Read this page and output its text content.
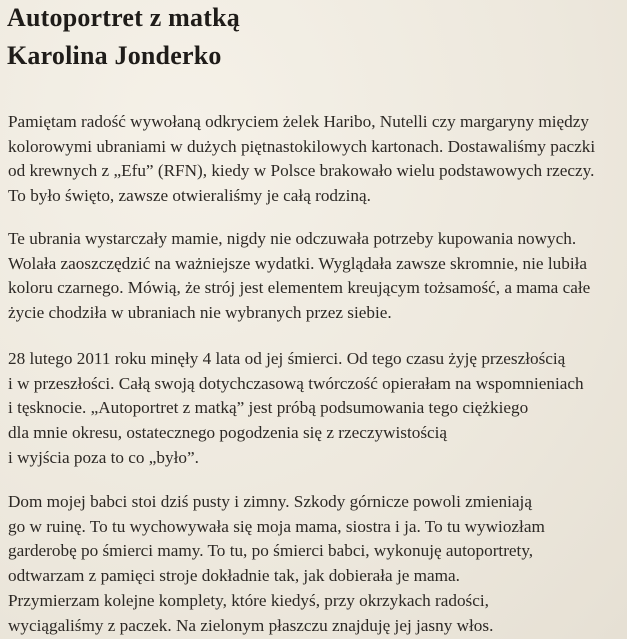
Autoportret z matką
Karolina Jonderko

Pamiętam radość wywołaną odkryciem żelek Haribo, Nutelli czy margaryny między
kolorowymi ubraniami w dużych piętnastokilowych kartonach. Dostawaliśmy paczki
od krewnych z „Efu” (RFN), kiedy w Polsce brakowało wielu podstawowych rzeczy.
To było święto, zawsze otwieraliśmy je całą rodziną.

Te ubrania wystarczały mamie, nigdy nie odczuwała potrzeby kupowania nowych.
Wolała zaoszczędzić na ważniejsze wydatki. Wyglądała zawsze skromnie, nie lubiła
koloru czarnego. Mówią, że strój jest elementem kreującym tożsamość, a mama całe
życie chodziła w ubraniach nie wybranych przez siebie.

28 lutego 2011 roku minęły 4 lata od jej śmierci. Od tego czasu żyję przeszłością
i w przeszłości. Całą swoją dotychczasową twórczość opierałam na wspomnieniach
i tęsknocie. „Autoportret z matką” jest próbą podsumowania tego ciężkiego
dla mnie okresu, ostatecznego pogodzenia się z rzeczywistością
i wyjścia poza to co „było”.

Dom mojej babci stoi dziś pusty i zimny. Szkody górnicze powoli zmieniają
go w ruinę. To tu wychowywała się moja mama, siostra i ja. To tu wywiozłam
garderobę po śmierci mamy. To tu, po śmierci babci, wykonuję autoportrety,
odtwarzam z pamięci stroje dokładnie tak, jak dobierała je mama.
Przymierzam kolejne komplety, które kiedyś, przy okrzykach radości,
wyciągaliśmy z paczek. Na zielonym płaszczu znajduję jej jasny włos.
